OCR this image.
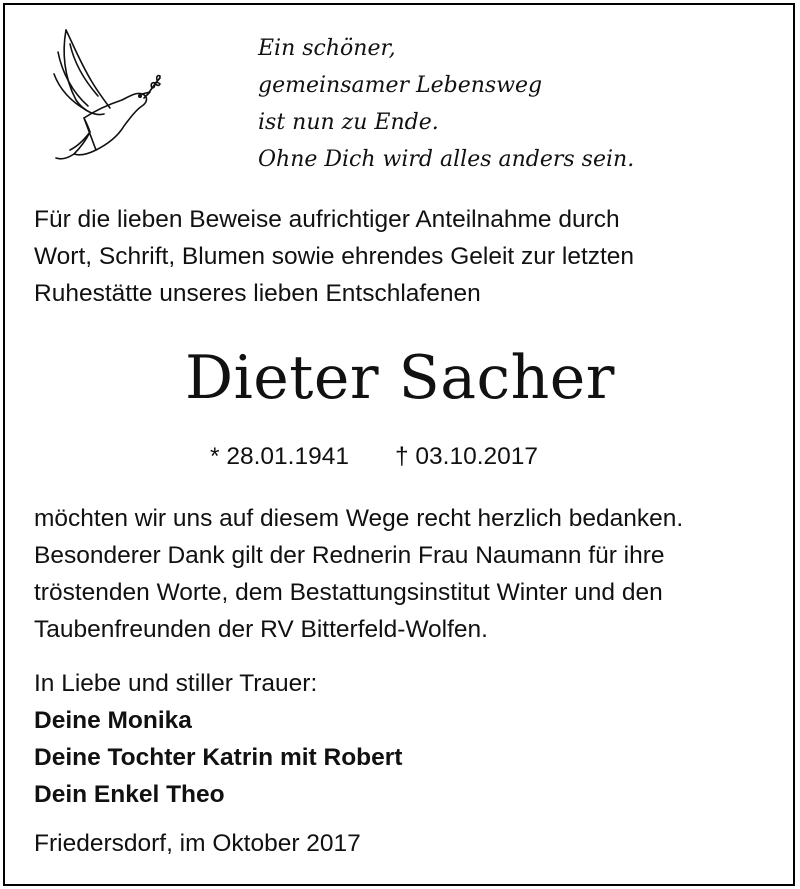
Ein schöner,
gemeinsamer Lebensweg
ist nun zu Ende.
Ohne Dich wird alles anders sein.
Für die lieben Beweise aufrichtiger Anteilnahme durch
Wort, Schrift, Blumen sowie ehrendes Geleit zur letzten
Ruhestätte unseres lieben Entschlafenen
Dieter Sacher
* 28.01.1941 † 03.10.2017
möchten wir uns auf diesem Wege recht herzlich bedanken.
Besonderer Dank gilt der Rednerin Frau Naumann für ihre
tröstenden Worte, dem Bestattungsinstitut Winter und den
Taubenfreunden der RV Bitterfeld-Wolfen.
In Liebe und stiller Trauer:
Deine Monika
Deine Tochter Katrin mit Robert
Dein Enkel Theo
Friedersdorf, im Oktober 2017
